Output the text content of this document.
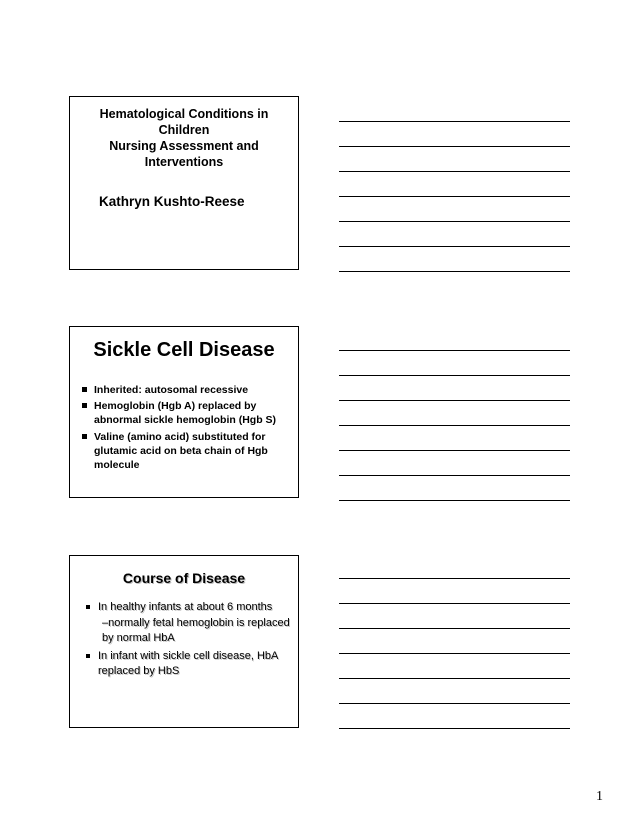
Hematological Conditions in
Children
Nursing Assessment and
Interventions
Kathryn Kushto-Reese
Sickle Cell Disease
Inherited: autosomal recessive
Hemoglobin (Hgb A) replaced by abnormal sickle hemoglobin (Hgb S)
Valine (amino acid) substituted for glutamic acid on beta chain of Hgb molecule
Course of Disease
In healthy infants at about 6 months
–normally fetal hemoglobin is replaced by normal HbA
In infant with sickle cell disease, HbA replaced by HbS
1
